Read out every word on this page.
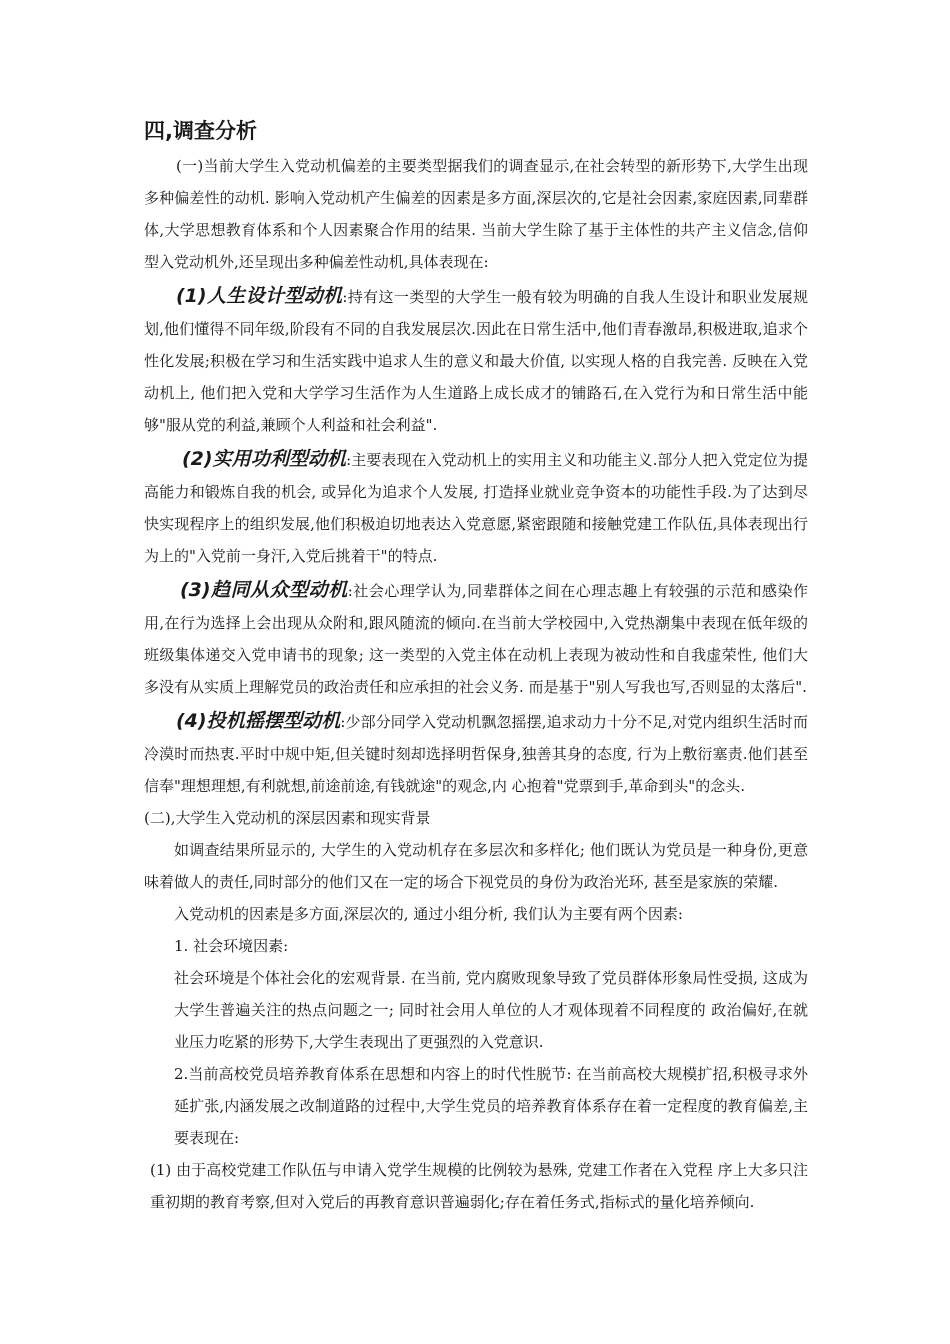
四,调查分析

(一)当前大学生入党动机偏差的主要类型据我们的调查显示,在社会转型的新形势下,大学生出现多种偏差性的动机. 影响入党动机产生偏差的因素是多方面,深层次的,它是社会因素,家庭因素,同辈群体,大学思想教育体系和个人因素聚合作用的结果. 当前大学生除了基于主体性的共产主义信念,信仰型入党动机外,还呈现出多种偏差性动机,具体表现在:

(1)人生设计型动机:持有这一类型的大学生一般有较为明确的自我人生设计和职业发展规划,他们懂得不同年级,阶段有不同的自我发展层次.因此在日常生活中,他们青春激昂,积极进取,追求个性化发展;积极在学习和生活实践中追求人生的意义和最大价值, 以实现人格的自我完善. 反映在入党动机上, 他们把入党和大学学习生活作为人生道路上成长成才的铺路石,在入党行为和日常生活中能够"服从党的利益,兼顾个人利益和社会利益".

(2)实用功利型动机:主要表现在入党动机上的实用主义和功能主义.部分人把入党定位为提高能力和锻炼自我的机会, 或异化为追求个人发展, 打造择业就业竞争资本的功能性手段.为了达到尽快实现程序上的组织发展,他们积极迫切地表达入党意愿,紧密跟随和接触党建工作队伍,具体表现出行为上的"入党前一身汗,入党后挑着干"的特点.

(3)趋同从众型动机:社会心理学认为,同辈群体之间在心理志趣上有较强的示范和感染作用,在行为选择上会出现从众附和,跟风随流的倾向.在当前大学校园中,入党热潮集中表现在低年级的班级集体递交入党申请书的现象; 这一类型的入党主体在动机上表现为被动性和自我虚荣性, 他们大多没有从实质上理解党员的政治责任和应承担的社会义务. 而是基于"别人写我也写,否则显的太落后".

(4)投机摇摆型动机:少部分同学入党动机飘忽摇摆,追求动力十分不足,对党内组织生活时而冷漠时而热衷.平时中规中矩,但关键时刻却选择明哲保身,独善其身的态度, 行为上敷衍塞责.他们甚至信奉"理想理想,有利就想,前途前途,有钱就途"的观念,内 心抱着"党票到手,革命到头"的念头.

(二),大学生入党动机的深层因素和现实背景

如调查结果所显示的, 大学生的入党动机存在多层次和多样化; 他们既认为党员是一种身份,更意味着做人的责任,同时部分的他们又在一定的场合下视党员的身份为政治光环, 甚至是家族的荣耀.

入党动机的因素是多方面,深层次的, 通过小组分析, 我们认为主要有两个因素:

1. 社会环境因素:

社会环境是个体社会化的宏观背景. 在当前, 党内腐败现象导致了党员群体形象局性受损, 这成为大学生普遍关注的热点问题之一; 同时社会用人单位的人才观体现着不同程度的 政治偏好,在就业压力吃紧的形势下,大学生表现出了更强烈的入党意识.

2.当前高校党员培养教育体系在思想和内容上的时代性脱节: 在当前高校大规模扩招,积极寻求外延扩张,内涵发展之改制道路的过程中,大学生党员的培养教育体系存在着一定程度的教育偏差,主要表现在:

(1) 由于高校党建工作队伍与申请入党学生规模的比例较为悬殊, 党建工作者在入党程 序上大多只注重初期的教育考察,但对入党后的再教育意识普遍弱化;存在着任务式,指标式的量化培养倾向.
